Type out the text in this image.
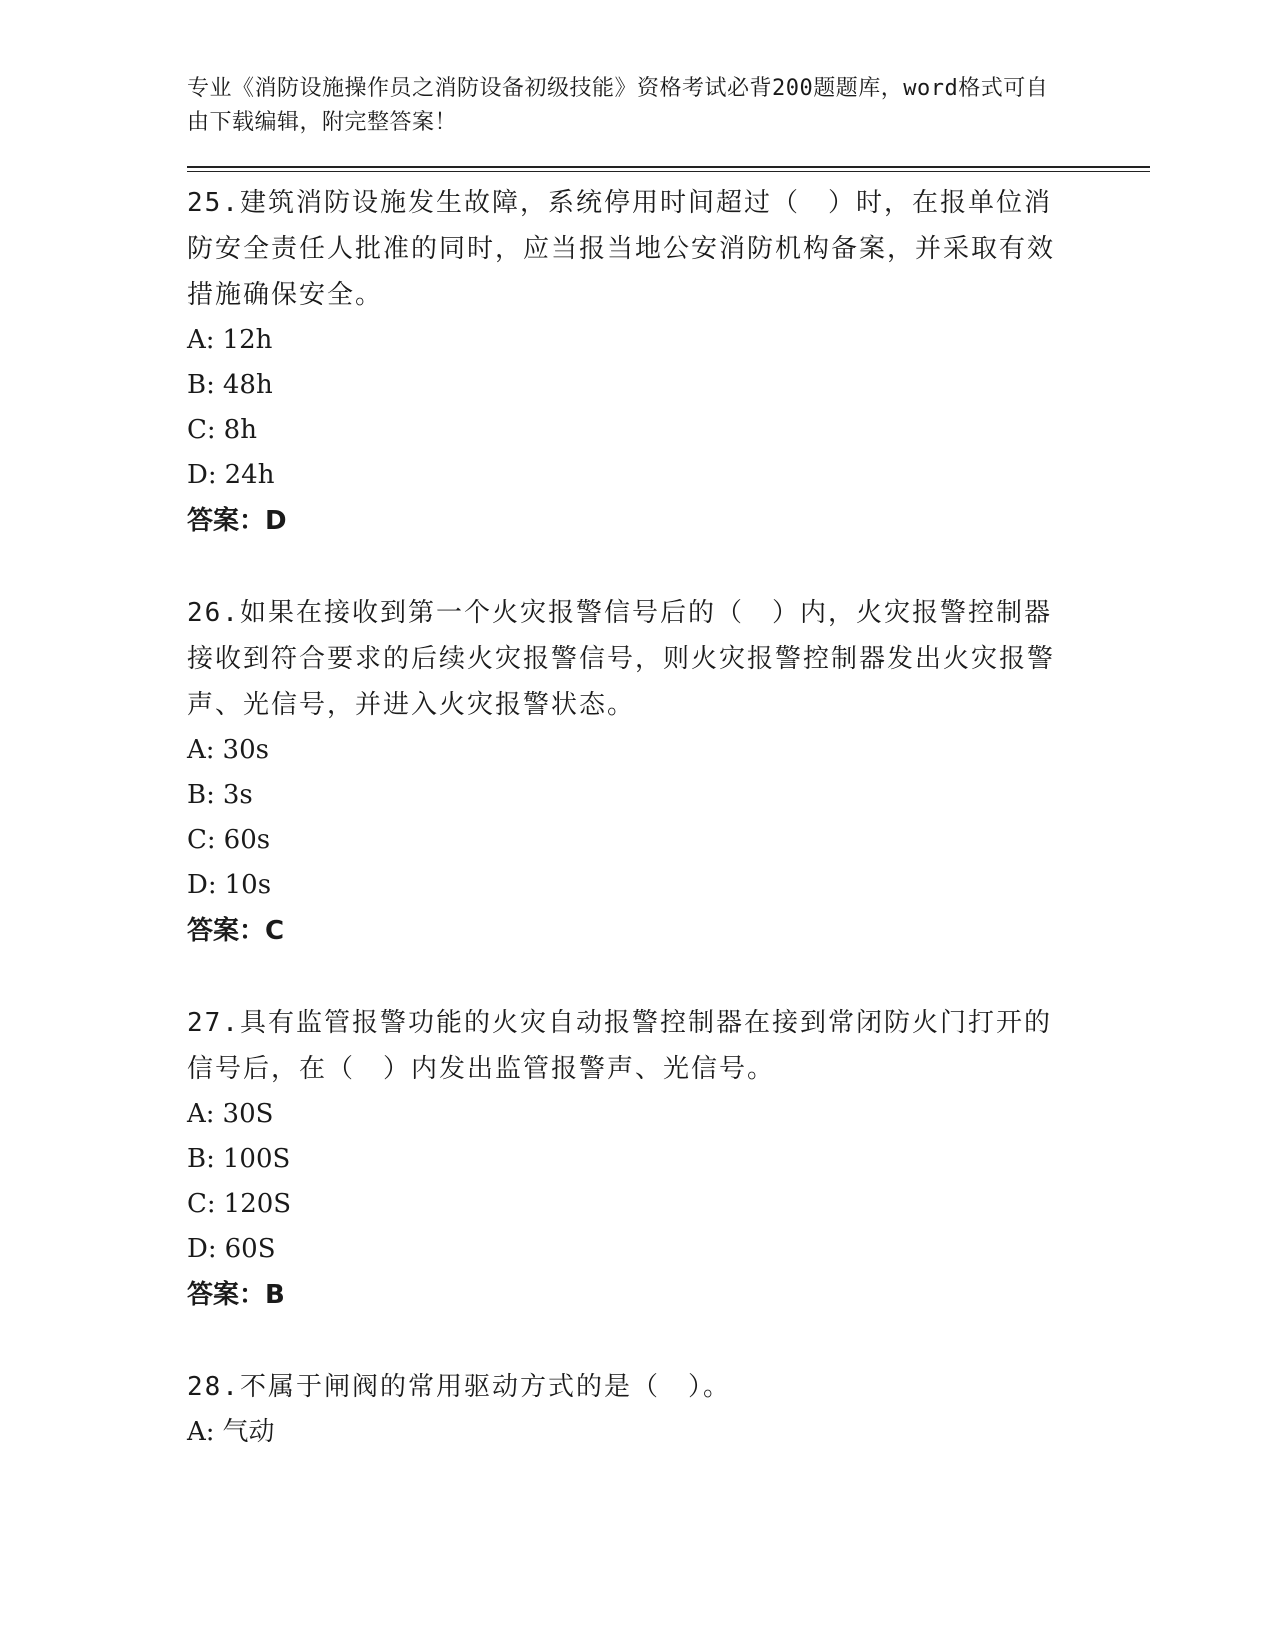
专业《消防设施操作员之消防设备初级技能》资格考试必背200题题库，word格式可自由下载编辑，附完整答案！

25.建筑消防设施发生故障，系统停用时间超过（　）时，在报单位消防安全责任人批准的同时，应当报当地公安消防机构备案，并采取有效措施确保安全。

A: 12h

B: 48h

C: 8h

D: 24h

答案：D

26.如果在接收到第一个火灾报警信号后的（　）内，火灾报警控制器接收到符合要求的后续火灾报警信号，则火灾报警控制器发出火灾报警声、光信号，并进入火灾报警状态。

A: 30s

B: 3s

C: 60s

D: 10s

答案：C

27.具有监管报警功能的火灾自动报警控制器在接到常闭防火门打开的信号后，在（　）内发出监管报警声、光信号。

A: 30S

B: 100S

C: 120S

D: 60S

答案：B

28.不属于闸阀的常用驱动方式的是（　）。

A: 气动
